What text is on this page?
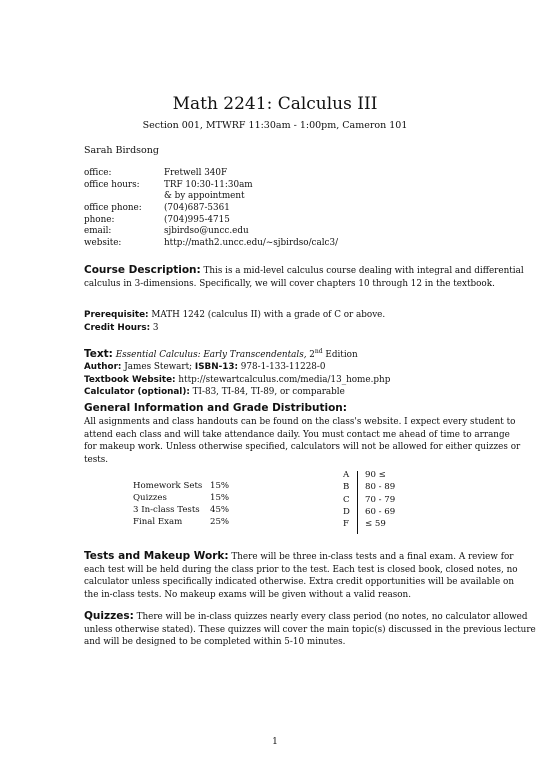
Math 2241: Calculus III
Section 001, MTWRF 11:30am - 1:00pm, Cameron 101
Sarah Birdsong
office:	Fretwell 340F
office hours:	TRF 10:30-11:30am
& by appointment
office phone:	(704)687-5361
phone:	(704)995-4715
email:	sjbirdso@uncc.edu
website:	http://math2.uncc.edu/~sjbirdso/calc3/
Course Description: This is a mid-level calculus course dealing with integral and differential
calculus in 3-dimensions. Specifically, we will cover chapters 10 through 12 in the textbook.
Prerequisite: MATH 1242 (calculus II) with a grade of C or above.
Credit Hours: 3
Text: Essential Calculus: Early Transcendentals, 2nd Edition
Author: James Stewart; ISBN-13: 978-1-133-11228-0
Textbook Website: http://stewartcalculus.com/media/13_home.php
Calculator (optional): TI-83, TI-84, TI-89, or comparable
General Information and Grade Distribution:
All asignments and class handouts can be found on the class's website. I expect every student to
attend each class and will take attendance daily. You must contact me ahead of time to arrange
for makeup work. Unless otherwise specified, calculators will not be allowed for either quizzes or
tests.
Homework Sets 15%
Quizzes	15%
3 In-class Tests 45%
Final Exam	25%
A 90 ≤
B 80 - 89
C 70 - 79
D 60 - 69
F ≤ 59
Tests and Makeup Work: There will be three in-class tests and a final exam. A review for
each test will be held during the class prior to the test. Each test is closed book, closed notes, no
calculator unless specifically indicated otherwise. Extra credit opportunities will be available on
the in-class tests. No makeup exams will be given without a valid reason.
Quizzes: There will be in-class quizzes nearly every class period (no notes, no calculator allowed
unless otherwise stated). These quizzes will cover the main topic(s) discussed in the previous lecture
and will be designed to be completed within 5-10 minutes.
1
